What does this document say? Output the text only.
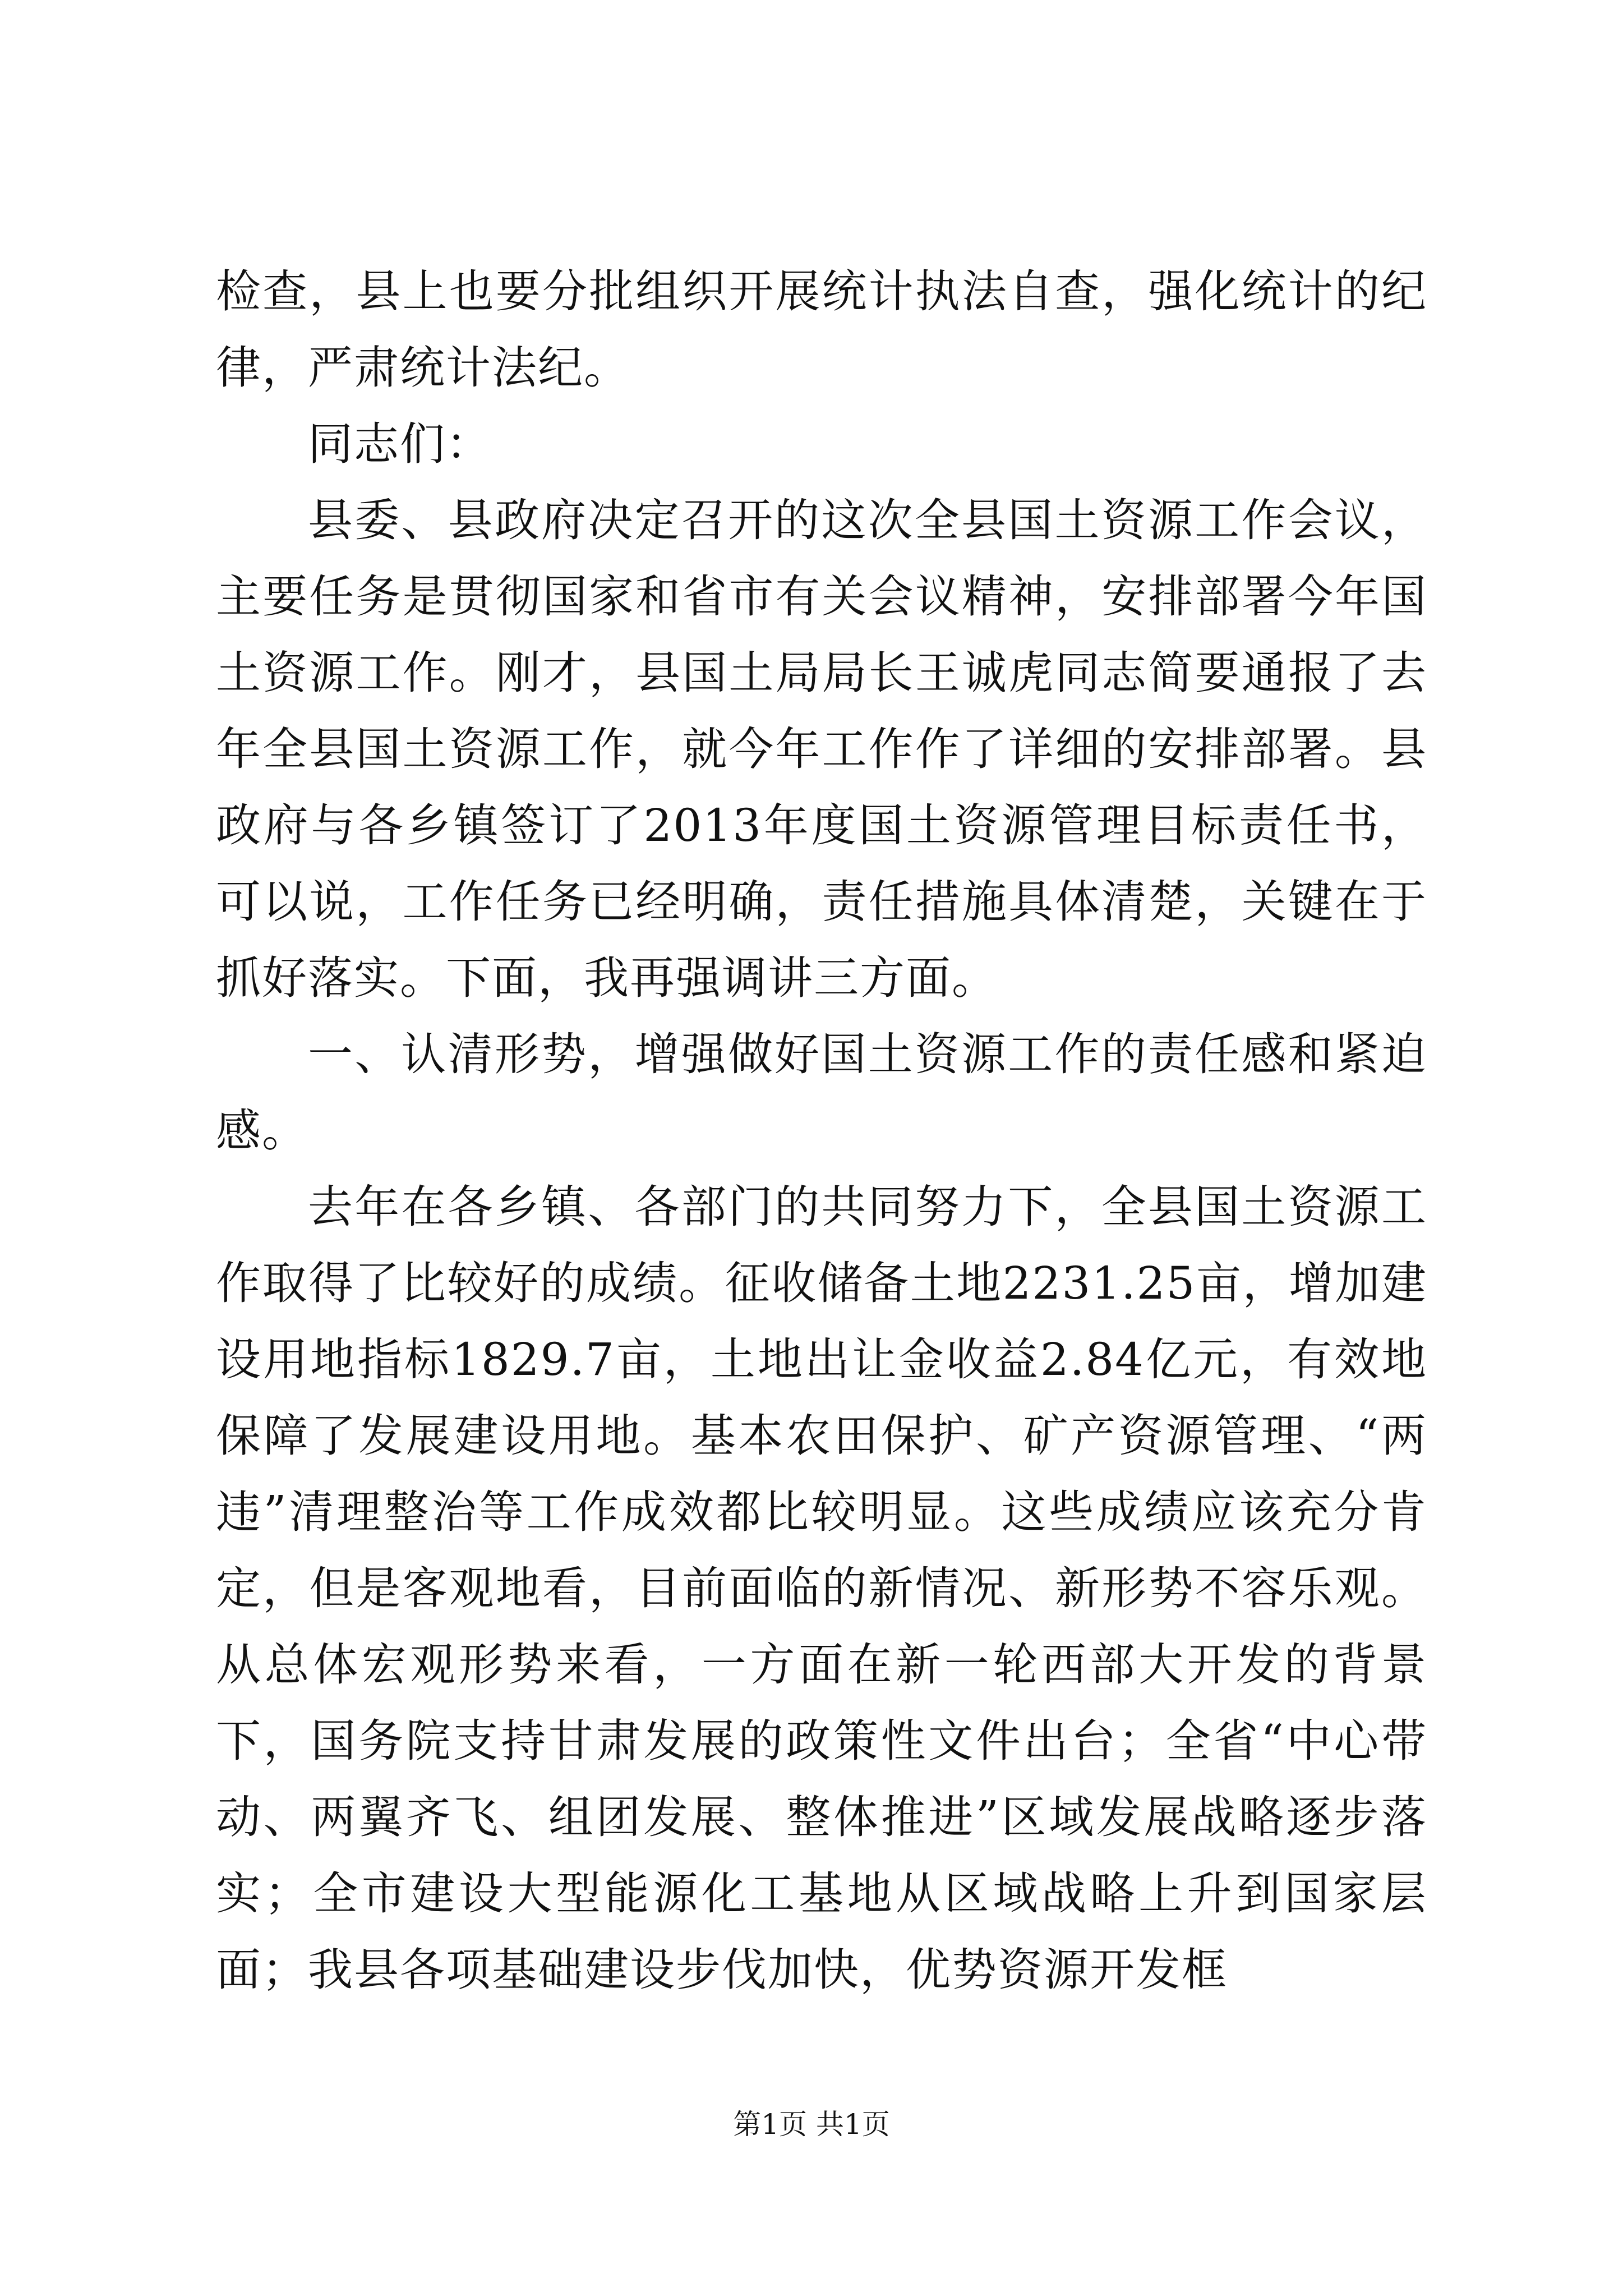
检查，县上也要分批组织开展统计执法自查，强化统计的纪律，严肃统计法纪。

同志们：

县委、县政府决定召开的这次全县国土资源工作会议，主要任务是贯彻国家和省市有关会议精神，安排部署今年国土资源工作。刚才，县国土局局长王诚虎同志简要通报了去年全县国土资源工作，就今年工作作了详细的安排部署。县政府与各乡镇签订了2013年度国土资源管理目标责任书，可以说，工作任务已经明确，责任措施具体清楚，关键在于抓好落实。下面，我再强调讲三方面。

一、认清形势，增强做好国土资源工作的责任感和紧迫感。

去年在各乡镇、各部门的共同努力下，全县国土资源工作取得了比较好的成绩。征收储备土地2231.25亩，增加建设用地指标1829.7亩，土地出让金收益2.84亿元，有效地保障了发展建设用地。基本农田保护、矿产资源管理、“两违”清理整治等工作成效都比较明显。这些成绩应该充分肯定，但是客观地看，目前面临的新情况、新形势不容乐观。从总体宏观形势来看，一方面在新一轮西部大开发的背景下，国务院支持甘肃发展的政策性文件出台；全省“中心带动、两翼齐飞、组团发展、整体推进”区域发展战略逐步落实；全市建设大型能源化工基地从区域战略上升到国家层面；我县各项基础建设步伐加快，优势资源开发框

第1页 共1页
